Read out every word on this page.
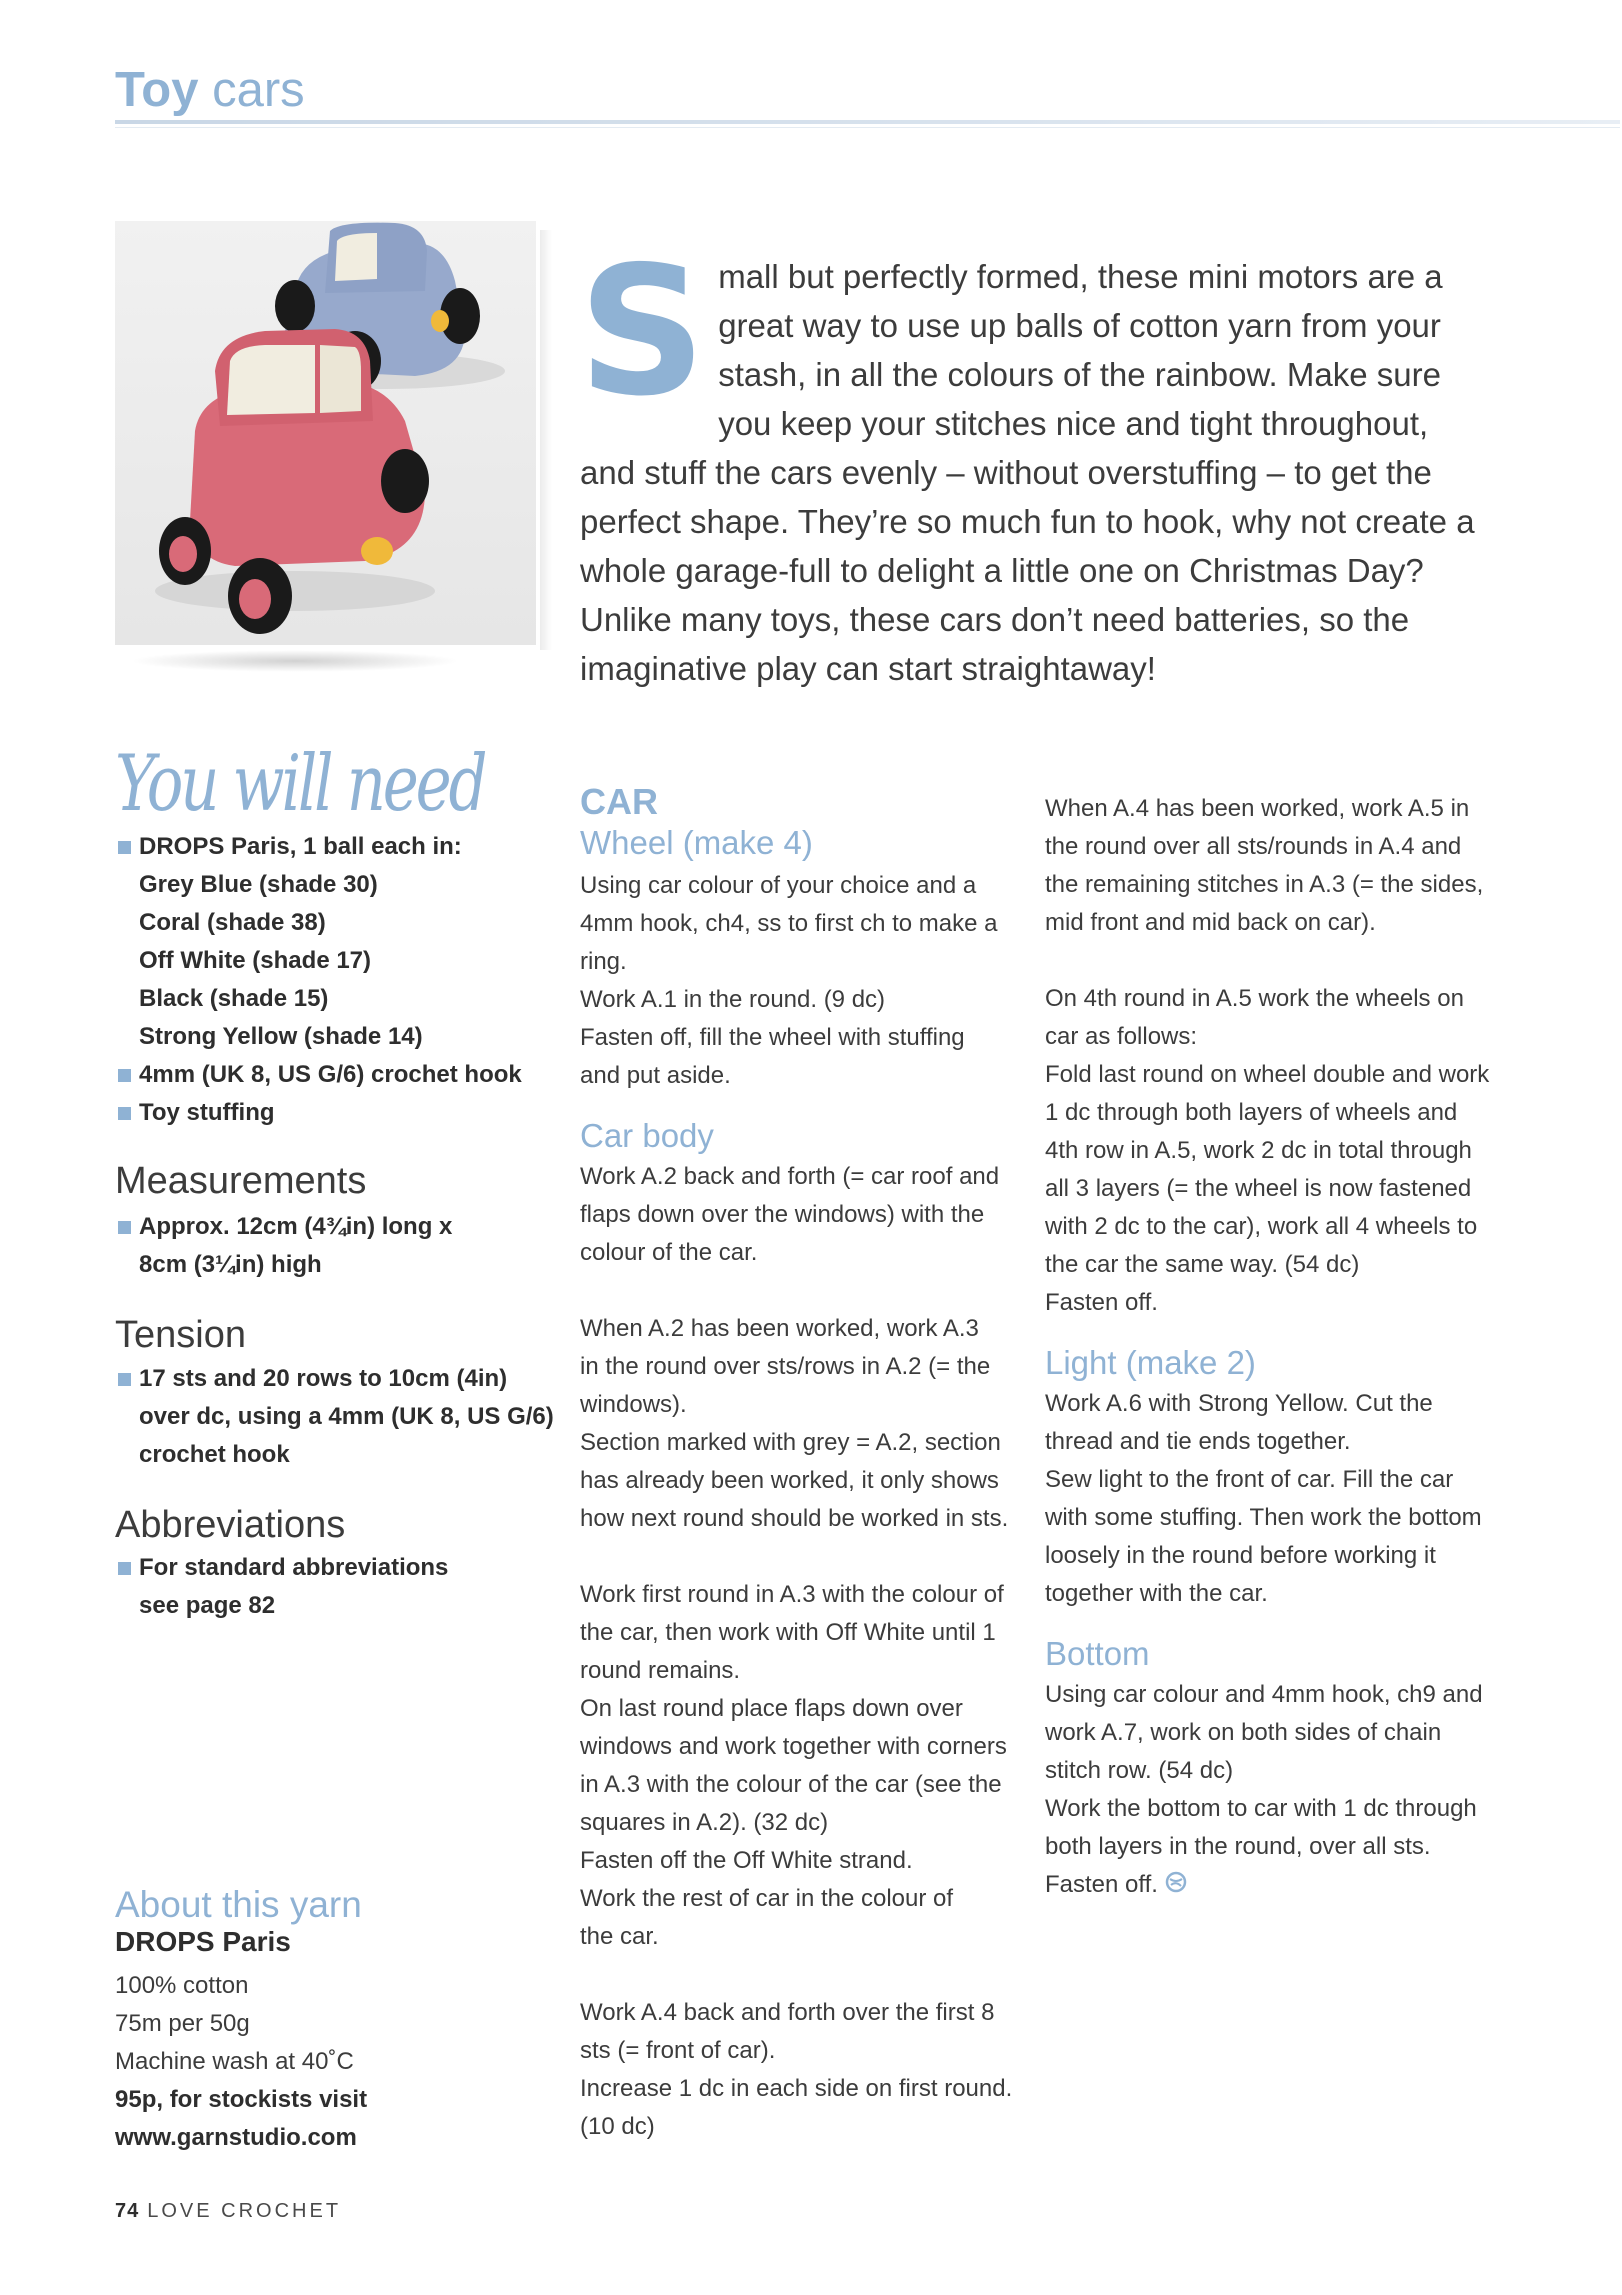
Toy cars

Small but perfectly formed, these mini motors are a great way to use up balls of cotton yarn from your stash, in all the colours of the rainbow. Make sure you keep your stitches nice and tight throughout, and stuff the cars evenly – without overstuffing – to get the perfect shape. They’re so much fun to hook, why not create a whole garage-full to delight a little one on Christmas Day? Unlike many toys, these cars don’t need batteries, so the imaginative play can start straightaway!

You will need
DROPS Paris, 1 ball each in:
Grey Blue (shade 30)
Coral (shade 38)
Off White (shade 17)
Black (shade 15)
Strong Yellow (shade 14)
4mm (UK 8, US G/6) crochet hook
Toy stuffing
Measurements
Approx. 12cm (4¾in) long x
8cm (3¼in) high
Tension
17 sts and 20 rows to 10cm (4in)
over dc, using a 4mm (UK 8, US G/6)
crochet hook
Abbreviations
For standard abbreviations
see page 82
About this yarn
DROPS Paris
100% cotton
75m per 50g
Machine wash at 40˚C
95p, for stockists visit
www.garnstudio.com

CAR

Wheel (make 4)

Using car colour of your choice and a

4mm hook, ch4, ss to first ch to make a

ring.

Work A.1 in the round. (9 dc)

Fasten off, fill the wheel with stuffing

and put aside.

Car body

Work A.2 back and forth (= car roof and

flaps down over the windows) with the

colour of the car.

When A.2 has been worked, work A.3

in the round over sts/rows in A.2 (= the

windows).

Section marked with grey = A.2, section

has already been worked, it only shows

how next round should be worked in sts.

Work first round in A.3 with the colour of

the car, then work with Off White until 1

round remains.

On last round place flaps down over

windows and work together with corners

in A.3 with the colour of the car (see the

squares in A.2). (32 dc)

Fasten off the Off White strand.

Work the rest of car in the colour of

the car.

Work A.4 back and forth over the first 8

sts (= front of car).

Increase 1 dc in each side on first round.

(10 dc)

When A.4 has been worked, work A.5 in

the round over all sts/rounds in A.4 and

the remaining stitches in A.3 (= the sides,

mid front and mid back on car).

On 4th round in A.5 work the wheels on

car as follows:

Fold last round on wheel double and work

1 dc through both layers of wheels and

4th row in A.5, work 2 dc in total through

all 3 layers (= the wheel is now fastened

with 2 dc to the car), work all 4 wheels to

the car the same way. (54 dc)

Fasten off.

Light (make 2)

Work A.6 with Strong Yellow. Cut the

thread and tie ends together.

Sew light to the front of car. Fill the car

with some stuffing. Then work the bottom

loosely in the round before working it

together with the car.

Bottom

Using car colour and 4mm hook, ch9 and

work A.7, work on both sides of chain

stitch row. (54 dc)

Work the bottom to car with 1 dc through

both layers in the round, over all sts.

Fasten off.

74 LOVE CROCHET
